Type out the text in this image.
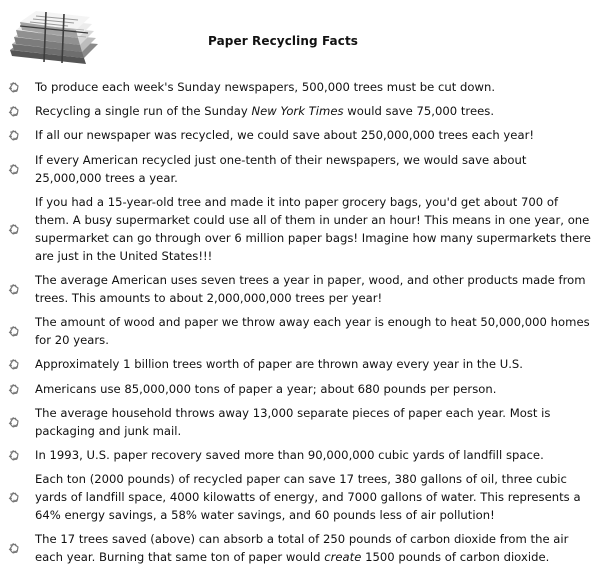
Paper Recycling Facts
To produce each week's Sunday newspapers, 500,000 trees must be cut down.
Recycling a single run of the Sunday New York Times would save 75,000 trees.
If all our newspaper was recycled, we could save about 250,000,000 trees each year!
If every American recycled just one-tenth of their newspapers, we would save about 25,000,000 trees a year.
If you had a 15-year-old tree and made it into paper grocery bags, you'd get about 700 of them. A busy supermarket could use all of them in under an hour! This means in one year, one supermarket can go through over 6 million paper bags! Imagine how many supermarkets there are just in the United States!!!
The average American uses seven trees a year in paper, wood, and other products made from trees. This amounts to about 2,000,000,000 trees per year!
The amount of wood and paper we throw away each year is enough to heat 50,000,000 homes for 20 years.
Approximately 1 billion trees worth of paper are thrown away every year in the U.S.
Americans use 85,000,000 tons of paper a year; about 680 pounds per person.
The average household throws away 13,000 separate pieces of paper each year. Most is packaging and junk mail.
In 1993, U.S. paper recovery saved more than 90,000,000 cubic yards of landfill space.
Each ton (2000 pounds) of recycled paper can save 17 trees, 380 gallons of oil, three cubic yards of landfill space, 4000 kilowatts of energy, and 7000 gallons of water. This represents a 64% energy savings, a 58% water savings, and 60 pounds less of air pollution!
The 17 trees saved (above) can absorb a total of 250 pounds of carbon dioxide from the air each year. Burning that same ton of paper would create 1500 pounds of carbon dioxide.
